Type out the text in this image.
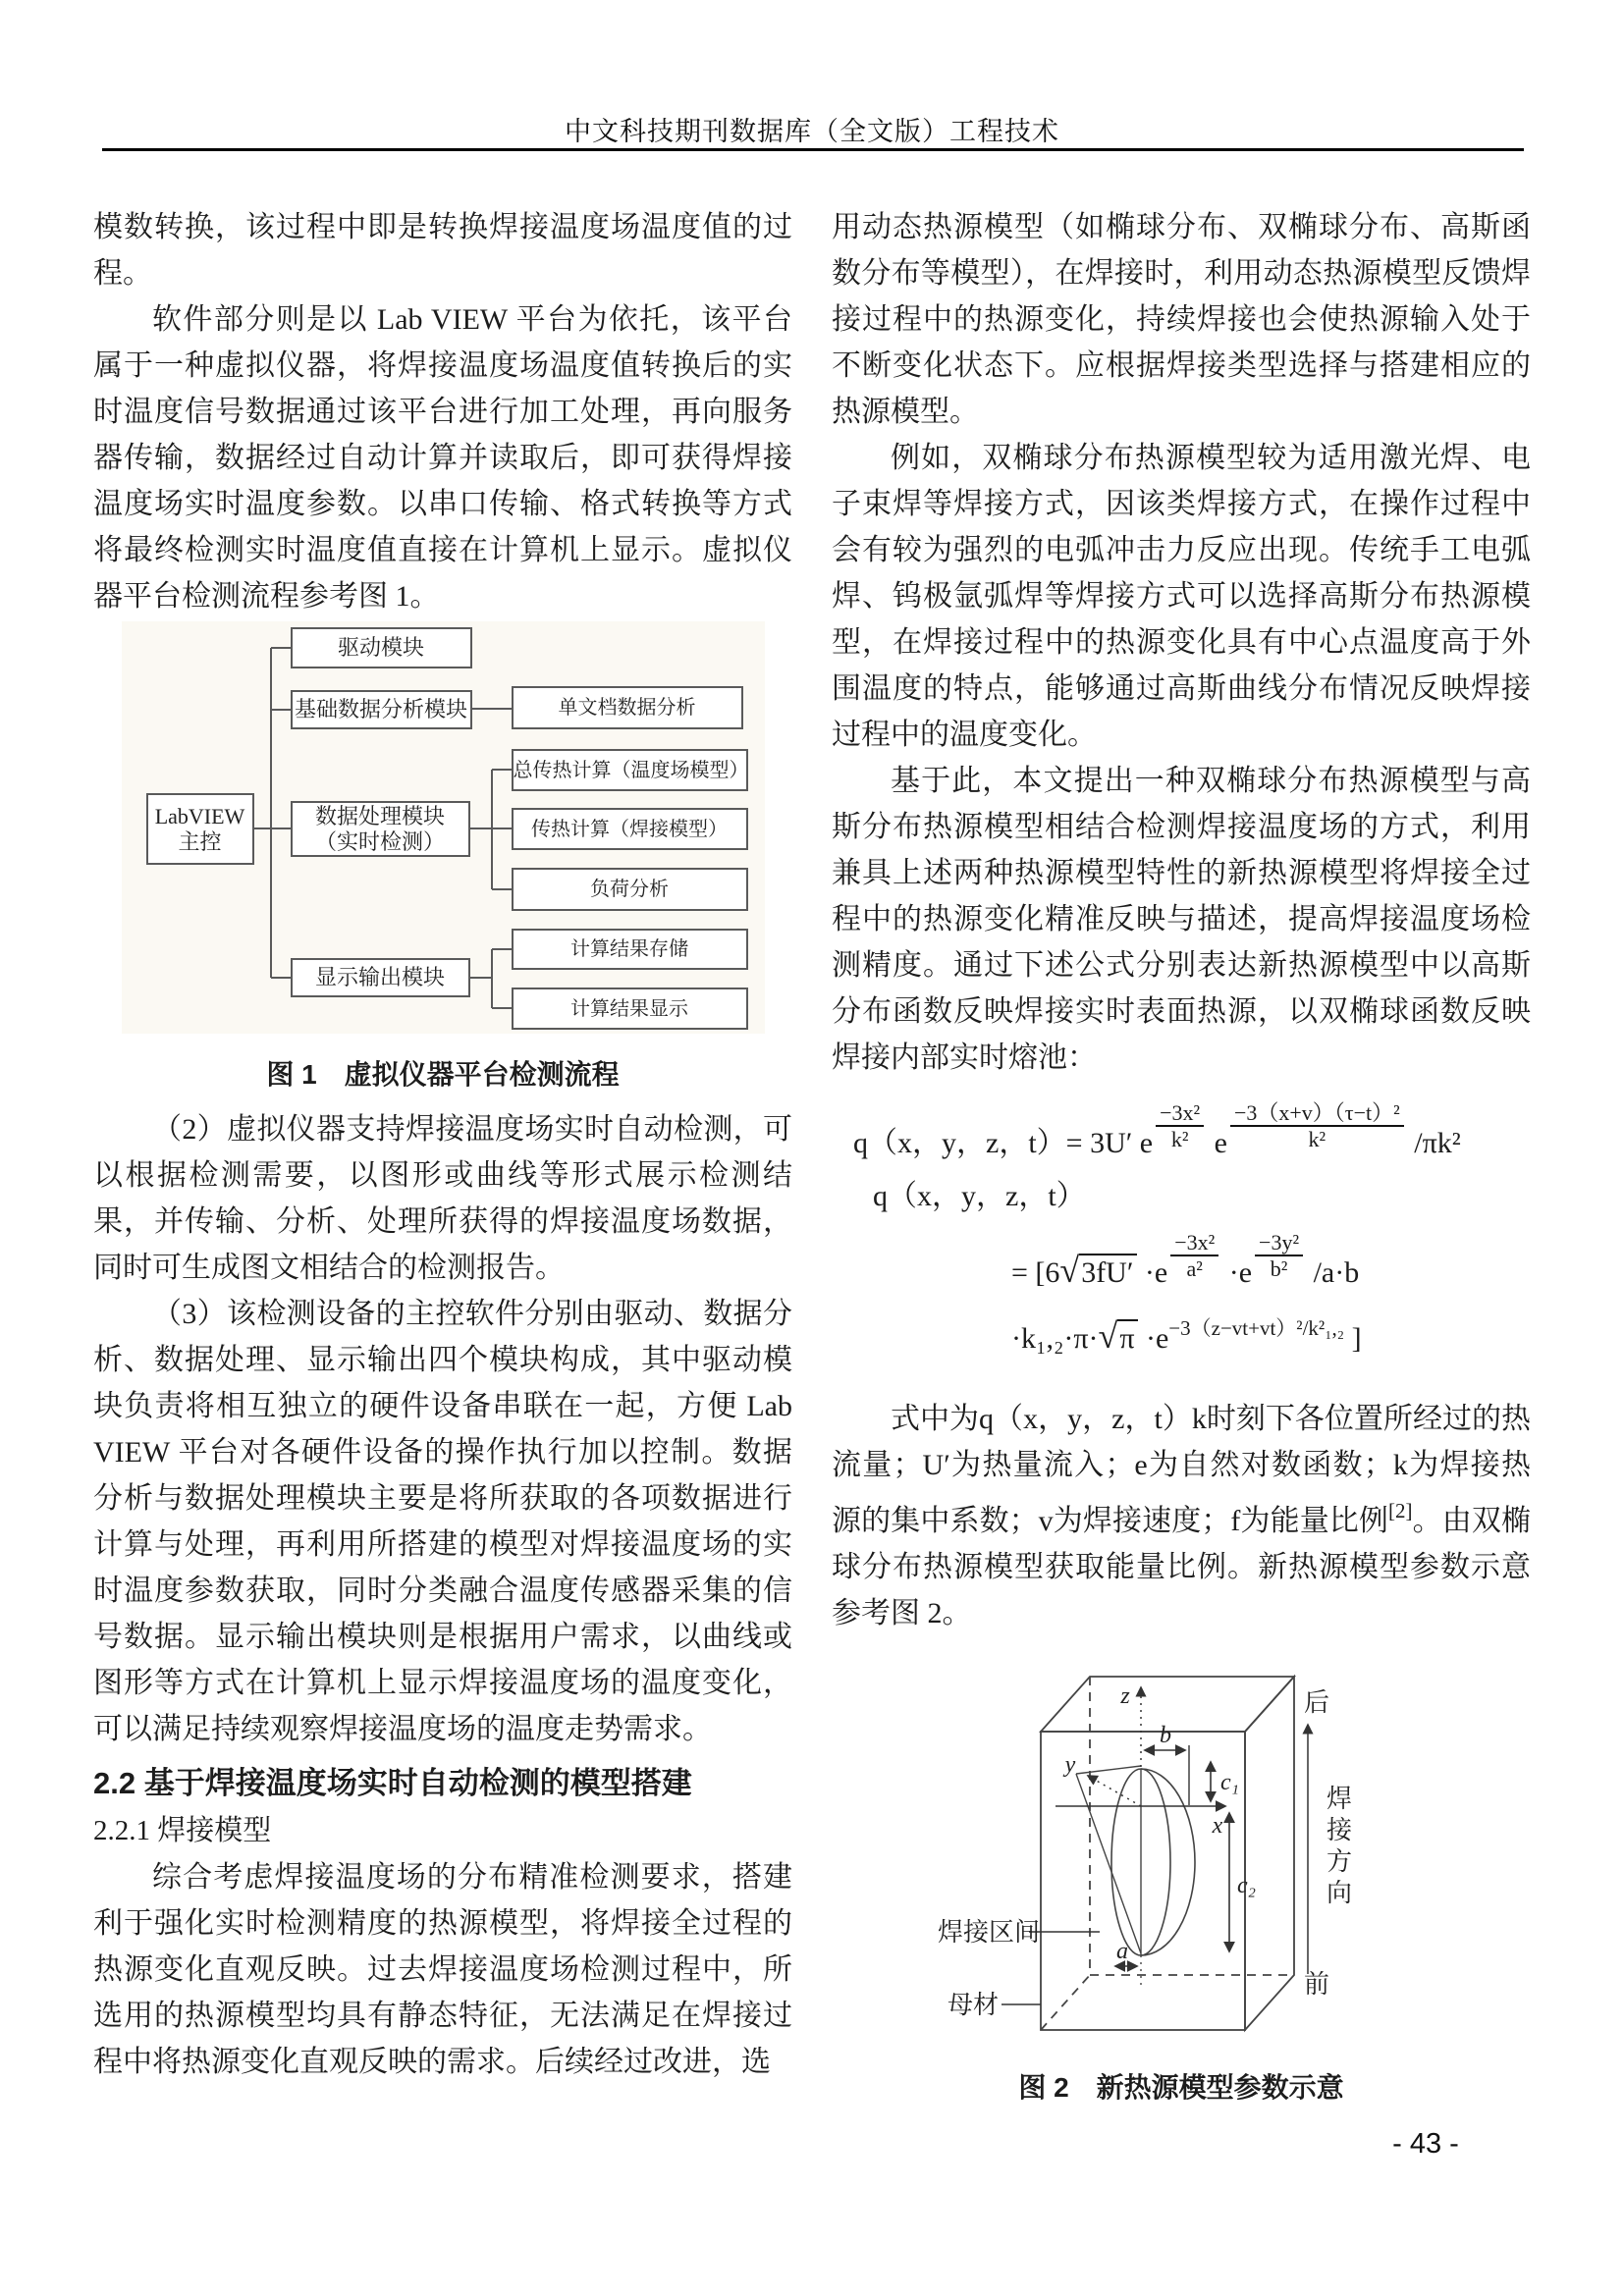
中文科技期刊数据库（全文版）工程技术

模数转换，该过程中即是转换焊接温度场温度值的过程。

软件部分则是以 Lab VIEW 平台为依托，该平台属于一种虚拟仪器，将焊接温度场温度值转换后的实时温度信号数据通过该平台进行加工处理，再向服务器传输，数据经过自动计算并读取后，即可获得焊接温度场实时温度参数。以串口传输、格式转换等方式将最终检测实时温度值直接在计算机上显示。虚拟仪器平台检测流程参考图 1。

LabVIEW
主控
驱动模块
基础数据分析模块
数据处理模块
（实时检测）
显示输出模块
单文档数据分析
总传热计算（温度场模型）
传热计算（焊接模型）
负荷分析
计算结果存储
计算结果显示
图 1　虚拟仪器平台检测流程

（2）虚拟仪器支持焊接温度场实时自动检测，可以根据检测需要，以图形或曲线等形式展示检测结果，并传输、分析、处理所获得的焊接温度场数据，同时可生成图文相结合的检测报告。

（3）该检测设备的主控软件分别由驱动、数据分析、数据处理、显示输出四个模块构成，其中驱动模块负责将相互独立的硬件设备串联在一起，方便 Lab VIEW 平台对各硬件设备的操作执行加以控制。数据分析与数据处理模块主要是将所获取的各项数据进行计算与处理，再利用所搭建的模型对焊接温度场的实时温度参数获取，同时分类融合温度传感器采集的信号数据。显示输出模块则是根据用户需求，以曲线或图形等方式在计算机上显示焊接温度场的温度变化，可以满足持续观察焊接温度场的温度走势需求。

2.2 基于焊接温度场实时自动检测的模型搭建
2.2.1 焊接模型

综合考虑焊接温度场的分布精准检测要求，搭建利于强化实时检测精度的热源模型，将焊接全过程的热源变化直观反映。过去焊接温度场检测过程中，所选用的热源模型均具有静态特征，无法满足在焊接过程中将热源变化直观反映的需求。后续经过改进，选

用动态热源模型（如椭球分布、双椭球分布、高斯函数分布等模型），在焊接时，利用动态热源模型反馈焊接过程中的热源变化，持续焊接也会使热源输入处于不断变化状态下。应根据焊接类型选择与搭建相应的热源模型。

例如，双椭球分布热源模型较为适用激光焊、电子束焊等焊接方式，因该类焊接方式，在操作过程中会有较为强烈的电弧冲击力反应出现。传统手工电弧焊、钨极氩弧焊等焊接方式可以选择高斯分布热源模型，在焊接过程中的热源变化具有中心点温度高于外围温度的特点，能够通过高斯曲线分布情况反映焊接过程中的温度变化。

基于此，本文提出一种双椭球分布热源模型与高斯分布热源模型相结合检测焊接温度场的方式，利用兼具上述两种热源模型特性的新热源模型将焊接全过程中的热源变化精准反映与描述，提高焊接温度场检测精度。通过下述公式分别表达新热源模型中以高斯分布函数反映焊接实时表面热源，以双椭球函数反映焊接内部实时熔池：

q（x，y，z，t）= 3U′ e $\frac{\text{−3x²}}{\text{k²}}$ e $\frac{\text{−3（x+v）（τ−t）²}}{\text{k²}} /\pi k^2$
q（x，y，z，t）
= [$6√3fU' \cdot e \frac{\text{−3x²}}{\text{a²}} \cdot e \frac{\text{−3y²}}{\text{b²}} /a\cdot b$
$\cdot k_1,_2\cdot\pi\cdot√\pi \cdot e^{-3(z-vt+vt)^2/k^2_1,_2}$ ]

式中为q（x，y，z，t）k时刻下各位置所经过的热流量；U′为热量流入；e为自然对数函数；k为焊接热源的集中系数；v为焊接速度；f为能量比例[2]。由双椭球分布热源模型获取能量比例。新热源模型参数示意参考图 2。

z
y
x
b
c₁
c₂
a
焊接区间
母材
后
前
焊接方向
图 2　新热源模型参数示意
- 43 -
